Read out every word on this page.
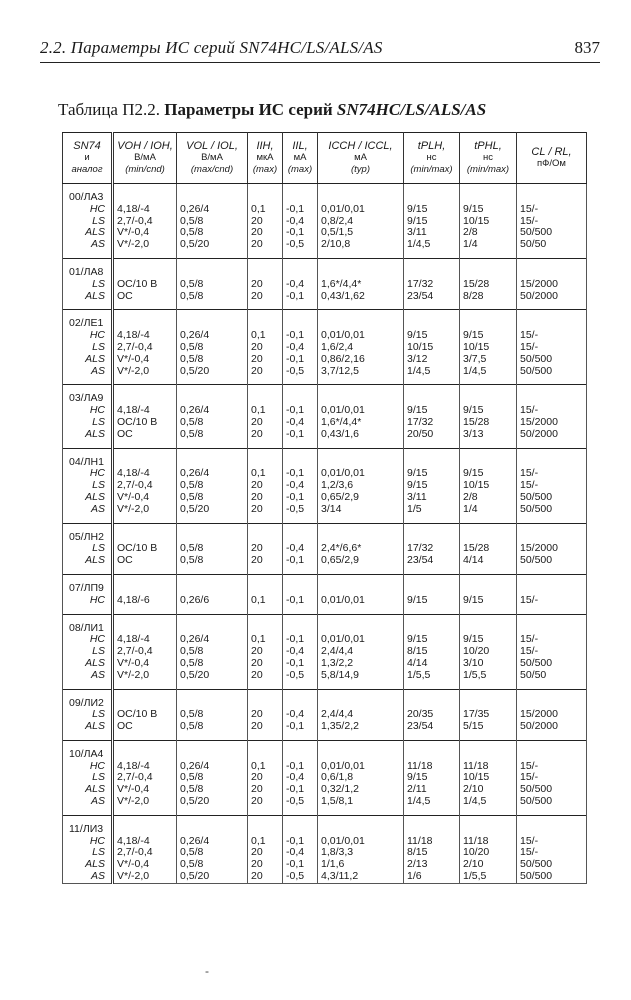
2.2. Параметры ИС серий SN74HC/LS/ALS/AS	837
Таблица П2.2. Параметры ИС серий SN74HC/LS/ALS/AS
SN74
и
аналог	VOH / IOH,
В/мА
(min/cnd)	VOL / IOL,
В/мА
(max/cnd)	IIH,
мкА
(max)	IIL,
мА
(max)	ICCH / ICCL,
мА
(typ)	tPLH,
нс
(min/max)	tPHL,
нс
(min/max)	CL / RL,
пФ/Ом

00/ЛА3								
HC	4,18/-4	0,26/4	0,1	-0,1	0,01/0,01	9/15	9/15	15/-
LS	2,7/-0,4	0,5/8	20	-0,4	0,8/2,4	9/15	10/15	15/-
ALS	V*/-0,4	0,5/8	20	-0,1	0,5/1,5	3/11	2/8	50/500
AS	V*/-2,0	0,5/20	20	-0,5	2/10,8	1/4,5	1/4	50/50

01/ЛА8								
LS	OC/10 B	0,5/8	20	-0,4	1,6*/4,4*	17/32	15/28	15/2000
ALS	OC	0,5/8	20	-0,1	0,43/1,62	23/54	8/28	50/2000

02/ЛЕ1								
HC	4,18/-4	0,26/4	0,1	-0,1	0,01/0,01	9/15	9/15	15/-
LS	2,7/-0,4	0,5/8	20	-0,4	1,6/2,4	10/15	10/15	15/-
ALS	V*/-0,4	0,5/8	20	-0,1	0,86/2,16	3/12	3/7,5	50/500
AS	V*/-2,0	0,5/20	20	-0,5	3,7/12,5	1/4,5	1/4,5	50/500

03/ЛА9								
HC	4,18/-4	0,26/4	0,1	-0,1	0,01/0,01	9/15	9/15	15/-
LS	OC/10 B	0,5/8	20	-0,4	1,6*/4,4*	17/32	15/28	15/2000
ALS	OC	0,5/8	20	-0,1	0,43/1,6	20/50	3/13	50/2000

04/ЛН1								
HC	4,18/-4	0,26/4	0,1	-0,1	0,01/0,01	9/15	9/15	15/-
LS	2,7/-0,4	0,5/8	20	-0,4	1,2/3,6	9/15	10/15	15/-
ALS	V*/-0,4	0,5/8	20	-0,1	0,65/2,9	3/11	2/8	50/500
AS	V*/-2,0	0,5/20	20	-0,5	3/14	1/5	1/4	50/500

05/ЛН2								
LS	OC/10 B	0,5/8	20	-0,4	2,4*/6,6*	17/32	15/28	15/2000
ALS	OC	0,5/8	20	-0,1	0,65/2,9	23/54	4/14	50/500

07/ЛП9								
HC	4,18/-6	0,26/6	0,1	-0,1	0,01/0,01	9/15	9/15	15/-

08/ЛИ1								
HC	4,18/-4	0,26/4	0,1	-0,1	0,01/0,01	9/15	9/15	15/-
LS	2,7/-0,4	0,5/8	20	-0,4	2,4/4,4	8/15	10/20	15/-
ALS	V*/-0,4	0,5/8	20	-0,1	1,3/2,2	4/14	3/10	50/500
AS	V*/-2,0	0,5/20	20	-0,5	5,8/14,9	1/5,5	1/5,5	50/50

09/ЛИ2								
LS	OC/10 B	0,5/8	20	-0,4	2,4/4,4	20/35	17/35	15/2000
ALS	OC	0,5/8	20	-0,1	1,35/2,2	23/54	5/15	50/2000

10/ЛА4								
HC	4,18/-4	0,26/4	0,1	-0,1	0,01/0,01	11/18	11/18	15/-
LS	2,7/-0,4	0,5/8	20	-0,4	0,6/1,8	9/15	10/15	15/-
ALS	V*/-0,4	0,5/8	20	-0,1	0,32/1,2	2/11	2/10	50/500
AS	V*/-2,0	0,5/20	20	-0,5	1,5/8,1	1/4,5	1/4,5	50/500

11/ЛИ3								
HC	4,18/-4	0,26/4	0,1	-0,1	0,01/0,01	11/18	11/18	15/-
LS	2,7/-0,4	0,5/8	20	-0,4	1,8/3,3	8/15	10/20	15/-
ALS	V*/-0,4	0,5/8	20	-0,1	1/1,6	2/13	2/10	50/500
AS	V*/-2,0	0,5/20	20	-0,5	4,3/11,2	1/6	1/5,5	50/500
-
